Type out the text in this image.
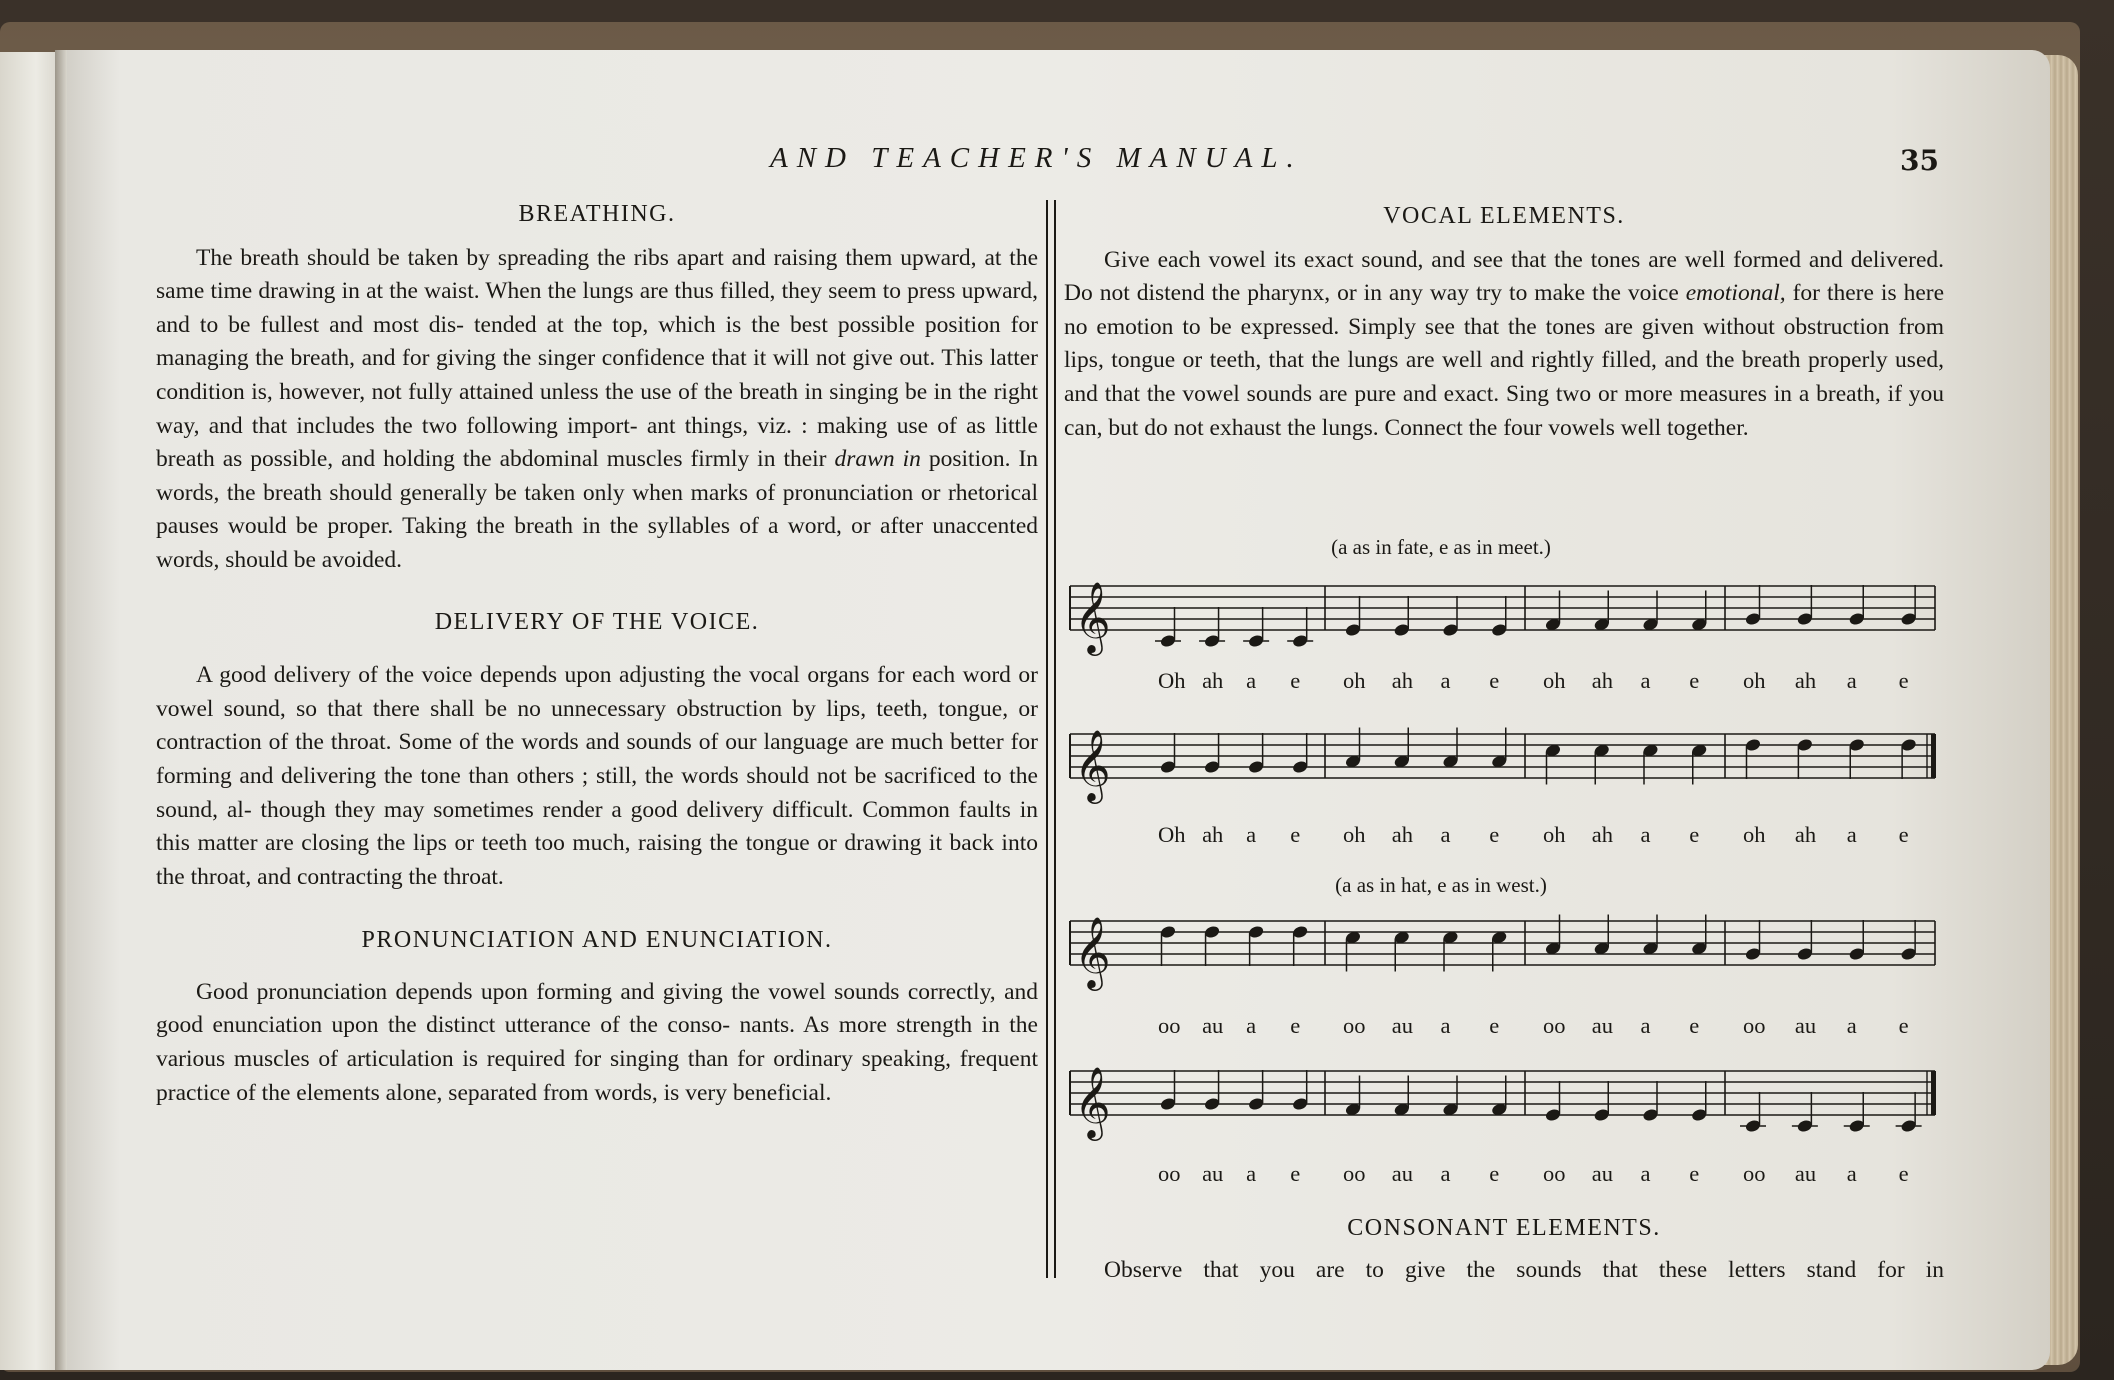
AND TEACHER'S MANUAL.	35
BREATHING.

The breath should be taken by spreading the ribs apart and raising them upward, at the same time drawing in at the waist. When the lungs are thus filled, they seem to press upward, and to be fullest and most dis- tended at the top, which is the best possible position for managing the breath, and for giving the singer confidence that it will not give out. This latter condition is, however, not fully attained unless the use of the breath in singing be in the right way, and that includes the two following import- ant things, viz. : making use of as little breath as possible, and holding the abdominal muscles firmly in their drawn in position. In words, the breath should generally be taken only when marks of pronunciation or rhetorical pauses would be proper. Taking the breath in the syllables of a word, or after unaccented words, should be avoided.

DELIVERY OF THE VOICE.

A good delivery of the voice depends upon adjusting the vocal organs for each word or vowel sound, so that there shall be no unnecessary obstruction by lips, teeth, tongue, or contraction of the throat. Some of the words and sounds of our language are much better for forming and delivering the tone than others ; still, the words should not be sacrificed to the sound, al- though they may sometimes render a good delivery difficult. Common faults in this matter are closing the lips or teeth too much, raising the tongue or drawing it back into the throat, and contracting the throat.

PRONUNCIATION AND ENUNCIATION.

Good pronunciation depends upon forming and giving the vowel sounds correctly, and good enunciation upon the distinct utterance of the conso- nants. As more strength in the various muscles of articulation is required for singing than for ordinary speaking, frequent practice of the elements alone, separated from words, is very beneficial.

VOCAL ELEMENTS.

Give each vowel its exact sound, and see that the tones are well formed and delivered. Do not distend the pharynx, or in any way try to make the voice emotional, for there is here no emotion to be expressed. Simply see that the tones are given without obstruction from lips, tongue or teeth, that the lungs are well and rightly filled, and the breath properly used, and that the vowel sounds are pure and exact. Sing two or more measures in a breath, if you can, but do not exhaust the lungs. Connect the four vowels well together.

(a as in fate, e as in meet.)
𝄞
Oh ah a e oh ah a e oh ah a e oh ah a e
𝄞
Oh ah a e oh ah a e oh ah a e oh ah a e
(a as in hat, e as in west.)
𝄞
oo au a e oo au a e oo au a e oo au a e
𝄞
oo au a e oo au a e oo au a e oo au a e
CONSONANT ELEMENTS.

Observe that you are to give the sounds that these letters stand for in
